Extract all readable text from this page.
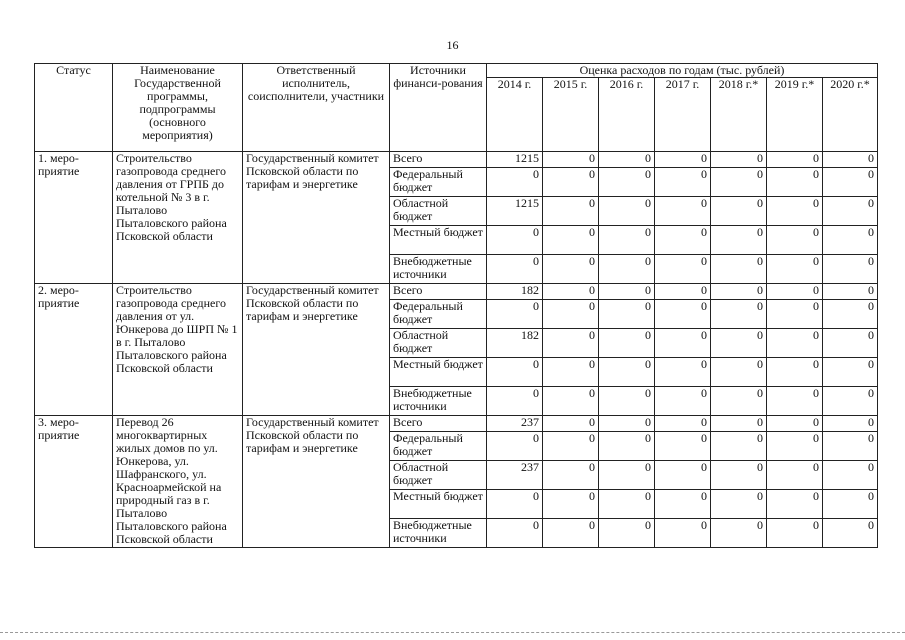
16
Статус	Наименование Государственной программы, подпрограммы (основного мероприятия)	Ответственный исполнитель, соисполнители, участники	Источники финанси-рования	Оценка расходов по годам (тыс. рублей)						
				2014 г.	2015 г.	2016 г.	2017 г.	2018 г.*	2019 г.*	2020 г.*
1. меро-приятие	Строительство газопровода среднего давления от ГРПБ до котельной № 3 в г. Пыталово Пыталовского района Псковской области	Государственный комитет Псковской области по тарифам и энергетике	Всего	1215	0	0	0	0	0	0
			Федеральный бюджет	0	0	0	0	0	0	0
			Областной бюджет	1215	0	0	0	0	0	0
			Местный бюджет	0	0	0	0	0	0	0
			Внебюджетные источники	0	0	0	0	0	0	0
2. меро-приятие	Строительство газопровода среднего давления от ул. Юнкерова до ШРП № 1 в г. Пыталово Пыталовского района Псковской области	Государственный комитет Псковской области по тарифам и энергетике	Всего	182	0	0	0	0	0	0
			Федеральный бюджет	0	0	0	0	0	0	0
			Областной бюджет	182	0	0	0	0	0	0
			Местный бюджет	0	0	0	0	0	0	0
			Внебюджетные источники	0	0	0	0	0	0	0
3. меро-приятие	Перевод 26 многоквартирных жилых домов по ул. Юнкерова, ул. Шафранского, ул. Красноармейской на природный газ в г. Пыталово Пыталовского района Псковской области	Государственный комитет Псковской области по тарифам и энергетике	Всего	237	0	0	0	0	0	0
			Федеральный бюджет	0	0	0	0	0	0	0
			Областной бюджет	237	0	0	0	0	0	0
			Местный бюджет	0	0	0	0	0	0	0
			Внебюджетные источники	0	0	0	0	0	0	0
